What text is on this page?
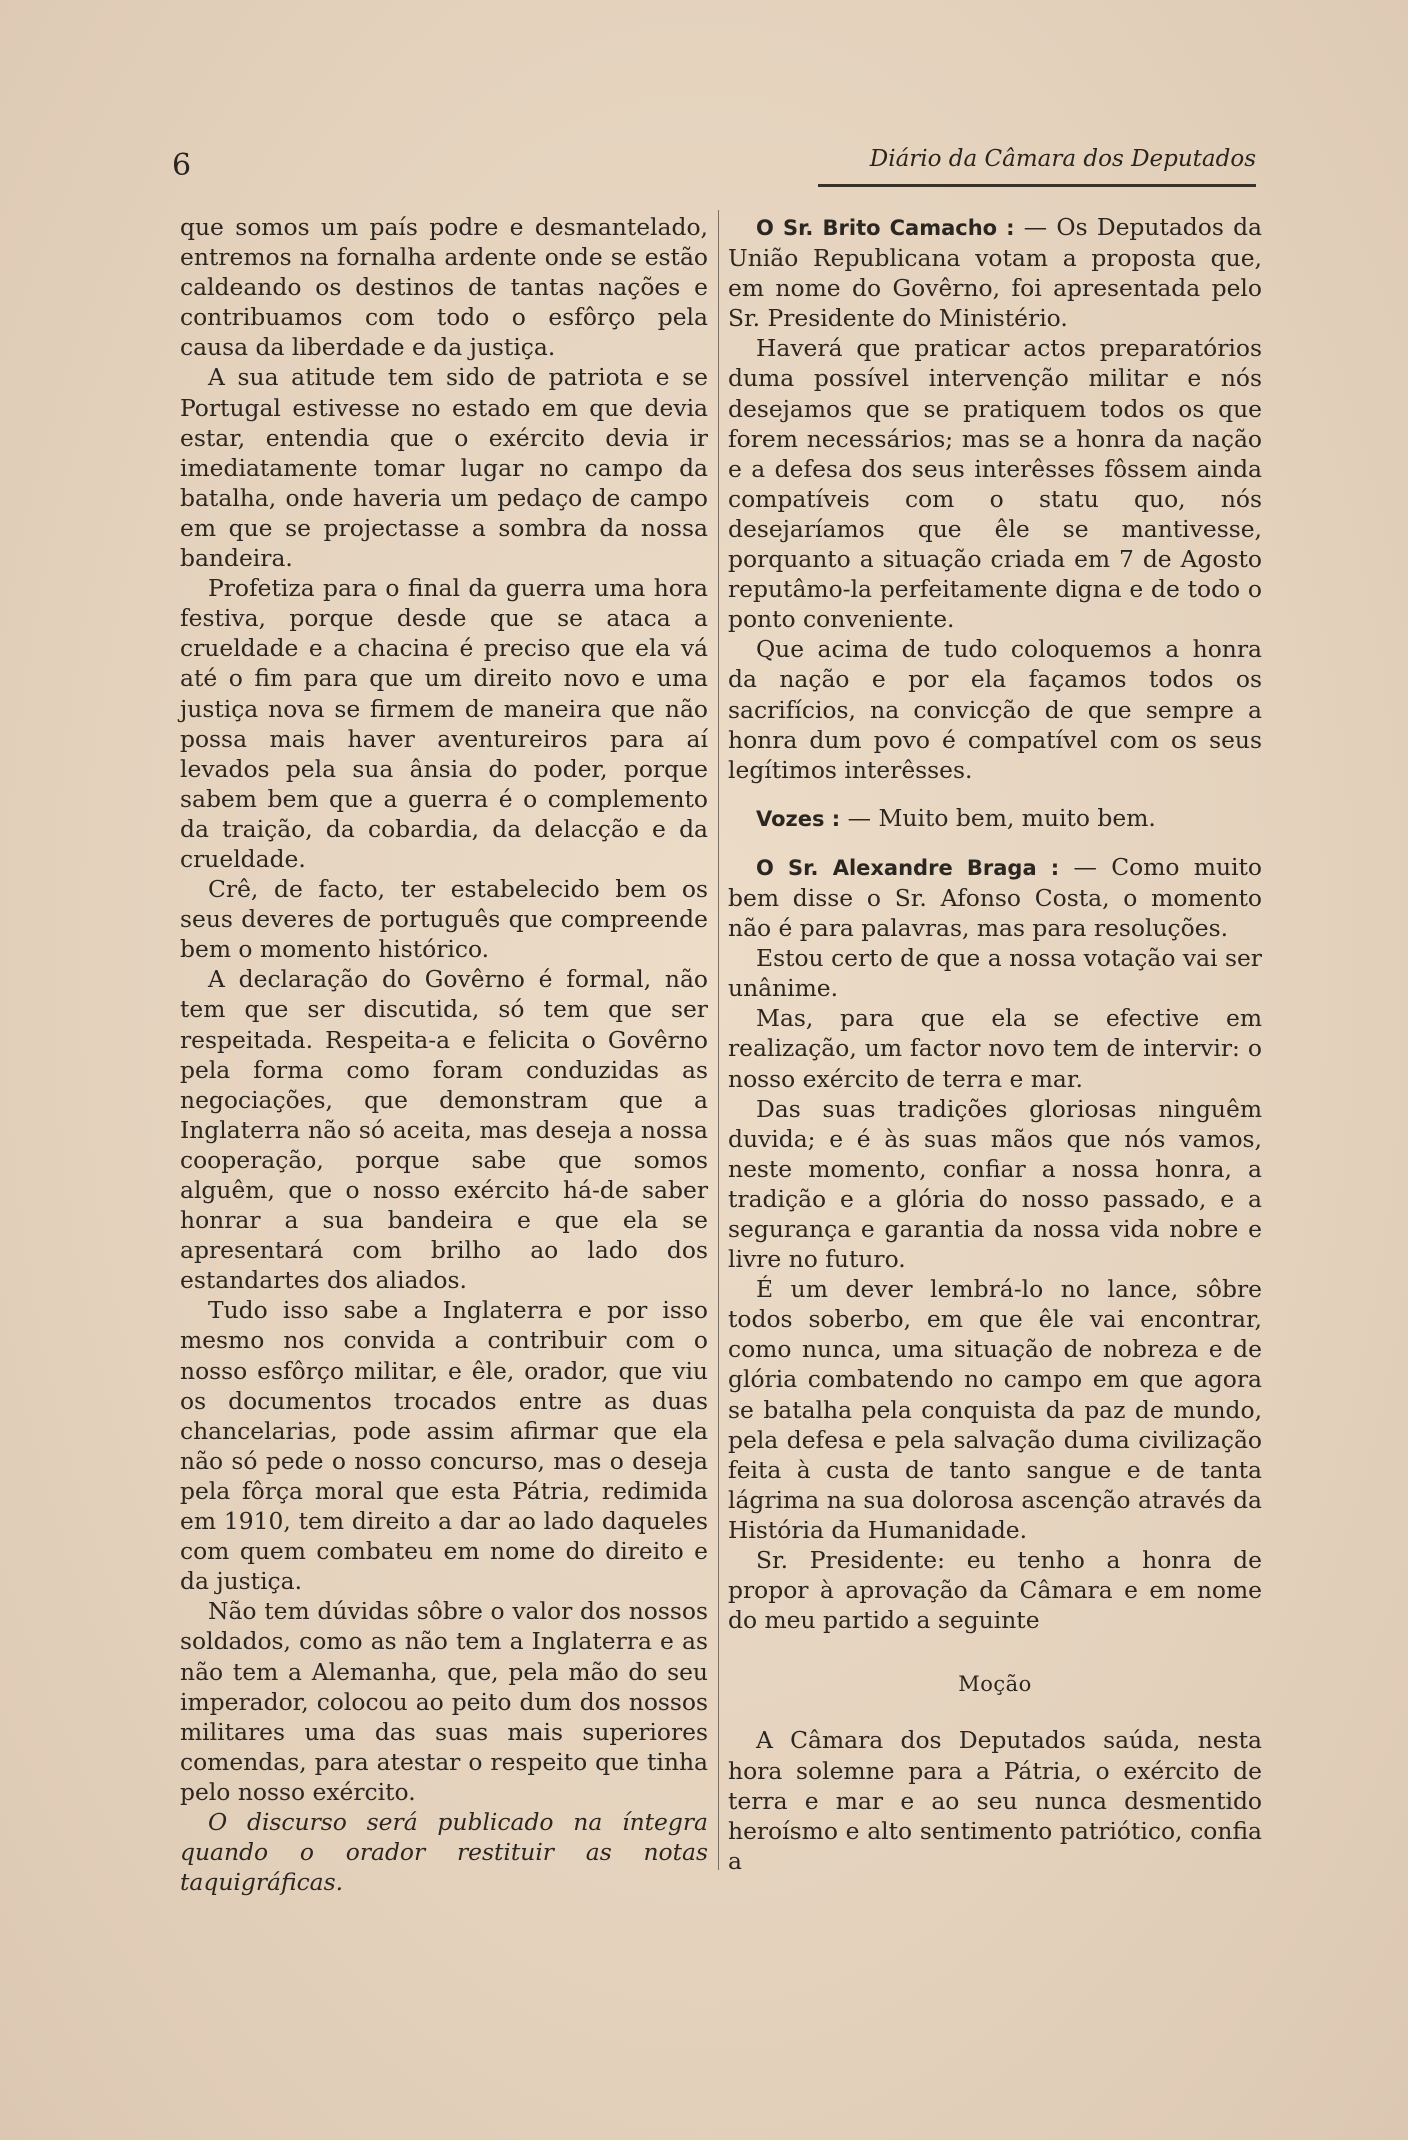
6	Diário da Câmara dos Deputados

que somos um país podre e desmantelado, entremos na fornalha ardente onde se estão caldeando os destinos de tantas nações e contribuamos com todo o esfôrço pela causa da liberdade e da justiça.

A sua atitude tem sido de patriota e se Portugal estivesse no estado em que devia estar, entendia que o exército devia ir imediatamente tomar lugar no campo da batalha, onde haveria um pedaço de campo em que se projectasse a sombra da nossa bandeira.

Profetiza para o final da guerra uma hora festiva, porque desde que se ataca a crueldade e a chacina é preciso que ela vá até o fim para que um direito novo e uma justiça nova se firmem de maneira que não possa mais haver aventureiros para aí levados pela sua ânsia do poder, porque sabem bem que a guerra é o complemento da traição, da cobardia, da delacção e da crueldade.

Crê, de facto, ter estabelecido bem os seus deveres de português que compreende bem o momento histórico.

A declaração do Govêrno é formal, não tem que ser discutida, só tem que ser respeitada. Respeita-a e felicita o Govêrno pela forma como foram conduzidas as negociações, que demonstram que a Inglaterra não só aceita, mas deseja a nossa cooperação, porque sabe que somos alguêm, que o nosso exército há-de saber honrar a sua bandeira e que ela se apresentará com brilho ao lado dos estandartes dos aliados.

Tudo isso sabe a Inglaterra e por isso mesmo nos convida a contribuir com o nosso esfôrço militar, e êle, orador, que viu os documentos trocados entre as duas chancelarias, pode assim afirmar que ela não só pede o nosso concurso, mas o deseja pela fôrça moral que esta Pátria, redimida em 1910, tem direito a dar ao lado daqueles com quem combateu em nome do direito e da justiça.

Não tem dúvidas sôbre o valor dos nossos soldados, como as não tem a Inglaterra e as não tem a Alemanha, que, pela mão do seu imperador, colocou ao peito dum dos nossos militares uma das suas mais superiores comendas, para atestar o respeito que tinha pelo nosso exército.

O discurso será publicado na íntegra quando o orador restituir as notas taquigráficas.

O Sr. Brito Camacho : — Os Deputados da União Republicana votam a proposta que, em nome do Govêrno, foi apresentada pelo Sr. Presidente do Ministério.

Haverá que praticar actos preparatórios duma possível intervenção militar e nós desejamos que se pratiquem todos os que forem necessários; mas se a honra da nação e a defesa dos seus interêsses fôssem ainda compatíveis com o statu quo, nós desejaríamos que êle se mantivesse, porquanto a situação criada em 7 de Agosto reputâmo-la perfeitamente digna e de todo o ponto conveniente.

Que acima de tudo coloquemos a honra da nação e por ela façamos todos os sacrifícios, na convicção de que sempre a honra dum povo é compatível com os seus legítimos interêsses.

Vozes : — Muito bem, muito bem.

O Sr. Alexandre Braga : — Como muito bem disse o Sr. Afonso Costa, o momento não é para palavras, mas para resoluções.

Estou certo de que a nossa votação vai ser unânime.

Mas, para que ela se efective em realização, um factor novo tem de intervir: o nosso exército de terra e mar.

Das suas tradições gloriosas ninguêm duvida; e é às suas mãos que nós vamos, neste momento, confiar a nossa honra, a tradição e a glória do nosso passado, e a segurança e garantia da nossa vida nobre e livre no futuro.

É um dever lembrá-lo no lance, sôbre todos soberbo, em que êle vai encontrar, como nunca, uma situação de nobreza e de glória combatendo no campo em que agora se batalha pela conquista da paz de mundo, pela defesa e pela salvação duma civilização feita à custa de tanto sangue e de tanta lágrima na sua dolorosa ascenção através da História da Humanidade.

Sr. Presidente: eu tenho a honra de propor à aprovação da Câmara e em nome do meu partido a seguinte

Moção

A Câmara dos Deputados saúda, nesta hora solemne para a Pátria, o exército de terra e mar e ao seu nunca desmentido heroísmo e alto sentimento patriótico, confia a
